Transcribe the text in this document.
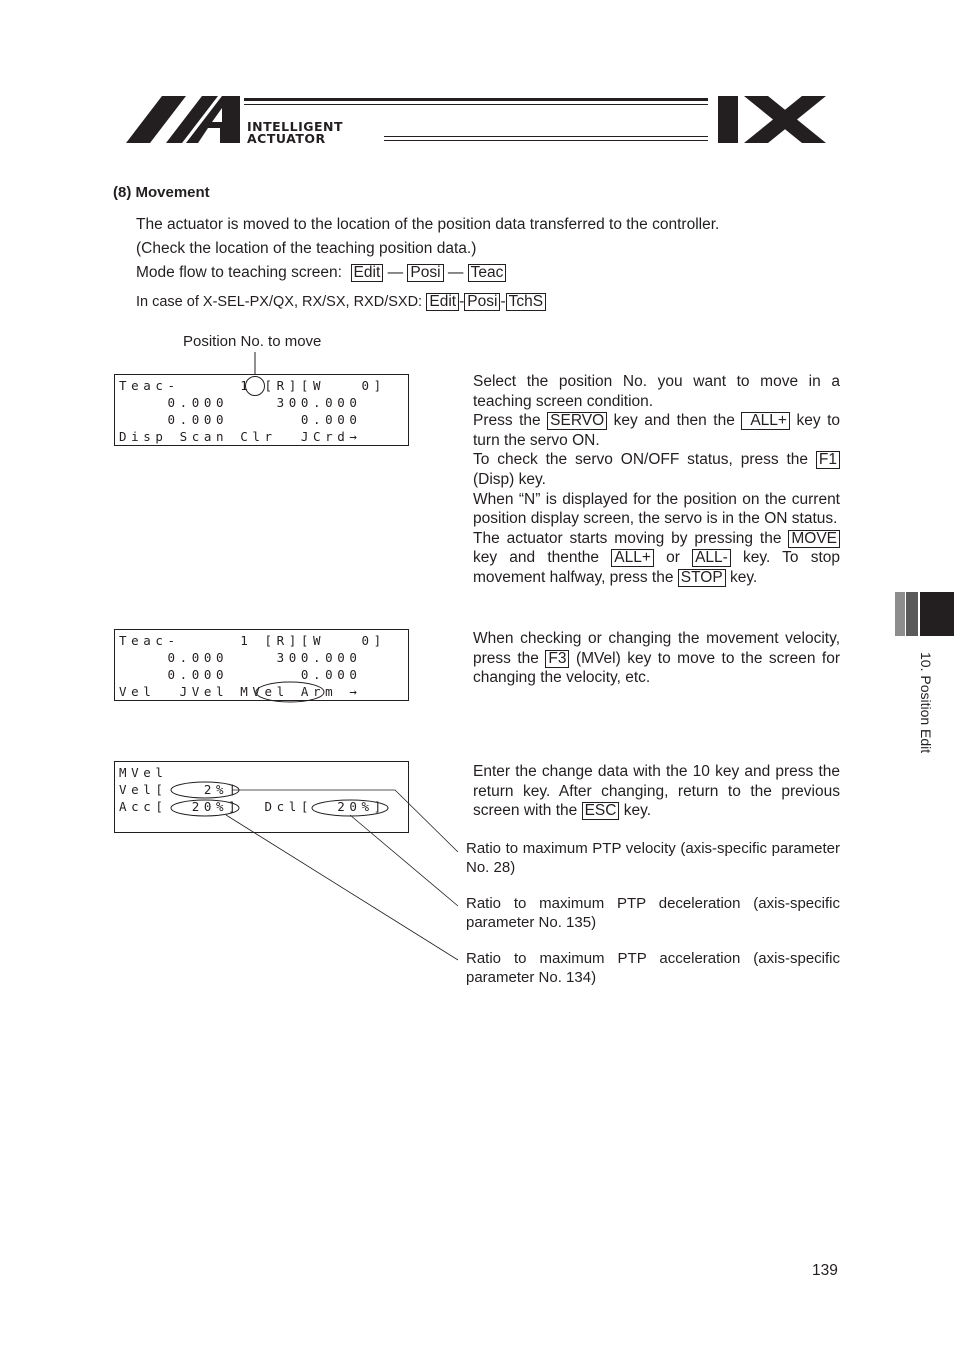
INTELLIGENT
ACTUATOR
(8) Movement
The actuator is moved to the location of the position data transferred to the controller.
(Check the location of the teaching position data.)
Mode flow to teaching screen: Edit — Posi — Teac
In case of X-SEL-PX/QX, RX/SX, RXD/SXD: Edit - Posi - TchS
Position No. to move
Teac-     1 [R][W   0]
0.000    300.000
0.000      0.000
Disp Scan Clr  JCrd→

Select the position No. you want to move in a teaching screen condition.

Press the SERVO key and then the ALL+ key to turn the servo ON.

To check the servo ON/OFF status, press the F1 (Disp) key.

When “N” is displayed for the position on the current position display screen, the servo is in the ON status.

The actuator starts moving by pressing the MOVE key and thenthe ALL+ or ALL- key. To stop movement halfway, press the STOP key.

Teac-     1 [R][W   0]
0.000    300.000
0.000      0.000
Vel  JVel MVel Arm →

When checking or changing the movement velocity, press the F3 (MVel) key to move to the screen for changing the velocity, etc.

MVel
Vel[   2%]
Acc[  20%]  Dcl[  20%]

Enter the change data with the 10 key and press the return key. After changing, return to the previous screen with the ESC key.

Ratio to maximum PTP velocity (axis-specific parameter No. 28)
Ratio to maximum PTP deceleration (axis-specific parameter No. 135)
Ratio to maximum PTP acceleration (axis-specific parameter No. 134)
10. Position Edit
139
